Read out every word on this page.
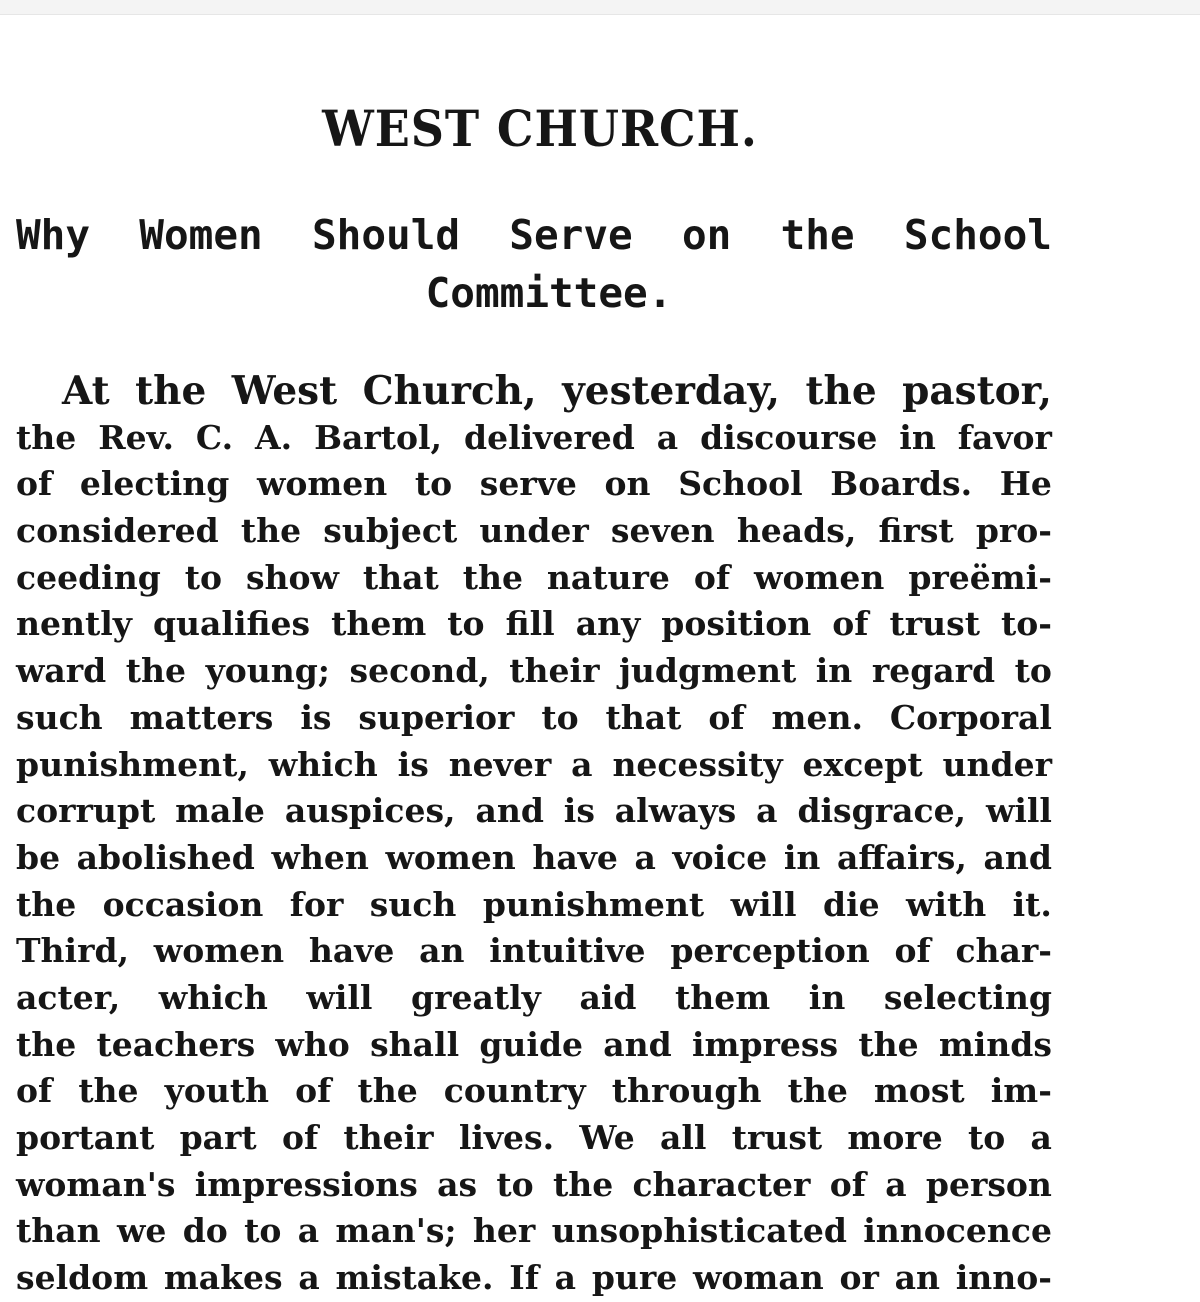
WEST CHURCH.
Why Women Should Serve on the School
Committee.
At the West Church, yesterday, the pastor,
the Rev. C. A. Bartol, delivered a discourse in favor
of electing women to serve on School Boards. He
considered the subject under seven heads, first pro-
ceeding to show that the nature of women preëmi-
nently qualifies them to fill any position of trust to-
ward the young; second, their judgment in regard to
such matters is superior to that of men. Corporal
punishment, which is never a necessity except under
corrupt male auspices, and is always a disgrace, will
be abolished when women have a voice in affairs, and
the occasion for such punishment will die with it.
Third, women have an intuitive perception of char-
acter, which will greatly aid them in selecting
the teachers who shall guide and impress the minds
of the youth of the country through the most im-
portant part of their lives. We all trust more to a
woman's impressions as to the character of a person
than we do to a man's; her unsophisticated innocence
seldom makes a mistake. If a pure woman or an inno-
